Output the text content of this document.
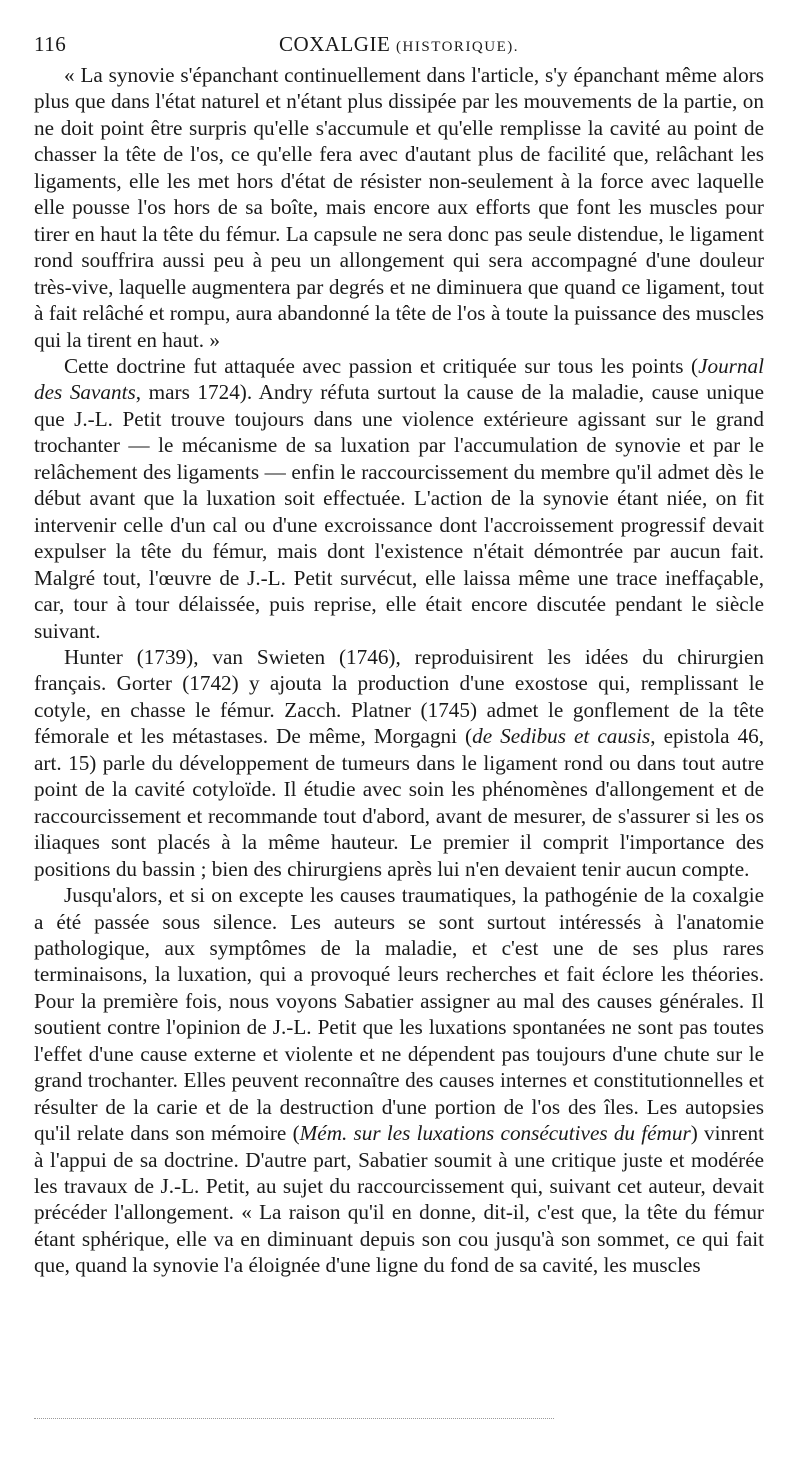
116	COXALGIE (HISTORIQUE).

« La synovie s'épanchant continuellement dans l'article, s'y épanchant même alors plus que dans l'état naturel et n'étant plus dissipée par les mouvements de la partie, on ne doit point être surpris qu'elle s'accumule et qu'elle remplisse la cavité au point de chasser la tête de l'os, ce qu'elle fera avec d'autant plus de facilité que, relâchant les ligaments, elle les met hors d'état de résister non-seulement à la force avec laquelle elle pousse l'os hors de sa boîte, mais encore aux efforts que font les muscles pour tirer en haut la tête du fémur. La capsule ne sera donc pas seule distendue, le ligament rond souffrira aussi peu à peu un allongement qui sera accompagné d'une douleur très-vive, laquelle augmentera par degrés et ne diminuera que quand ce ligament, tout à fait relâché et rompu, aura abandonné la tête de l'os à toute la puissance des muscles qui la tirent en haut. »

Cette doctrine fut attaquée avec passion et critiquée sur tous les points (Journal des Savants, mars 1724). Andry réfuta surtout la cause de la maladie, cause unique que J.-L. Petit trouve toujours dans une violence extérieure agissant sur le grand trochanter — le mécanisme de sa luxation par l'accumulation de synovie et par le relâchement des ligaments — enfin le raccourcissement du membre qu'il admet dès le début avant que la luxation soit effectuée. L'action de la synovie étant niée, on fit intervenir celle d'un cal ou d'une excroissance dont l'accroissement progressif devait expulser la tête du fémur, mais dont l'existence n'était démontrée par aucun fait. Malgré tout, l'œuvre de J.-L. Petit survécut, elle laissa même une trace ineffaçable, car, tour à tour délaissée, puis reprise, elle était encore discutée pendant le siècle suivant.

Hunter (1739), van Swieten (1746), reproduisirent les idées du chirurgien français. Gorter (1742) y ajouta la production d'une exostose qui, remplissant le cotyle, en chasse le fémur. Zacch. Platner (1745) admet le gonflement de la tête fémorale et les métastases. De même, Morgagni (de Sedibus et causis, epistola 46, art. 15) parle du développement de tumeurs dans le ligament rond ou dans tout autre point de la cavité cotyloïde. Il étudie avec soin les phénomènes d'allongement et de raccourcissement et recommande tout d'abord, avant de mesurer, de s'assurer si les os iliaques sont placés à la même hauteur. Le premier il comprit l'importance des positions du bassin ; bien des chirurgiens après lui n'en devaient tenir aucun compte.

Jusqu'alors, et si on excepte les causes traumatiques, la pathogénie de la coxalgie a été passée sous silence. Les auteurs se sont surtout intéressés à l'anatomie pathologique, aux symptômes de la maladie, et c'est une de ses plus rares terminaisons, la luxation, qui a provoqué leurs recherches et fait éclore les théories. Pour la première fois, nous voyons Sabatier assigner au mal des causes générales. Il soutient contre l'opinion de J.-L. Petit que les luxations spontanées ne sont pas toutes l'effet d'une cause externe et violente et ne dépendent pas toujours d'une chute sur le grand trochanter. Elles peuvent reconnaître des causes internes et constitutionnelles et résulter de la carie et de la destruction d'une portion de l'os des îles. Les autopsies qu'il relate dans son mémoire (Mém. sur les luxations consécutives du fémur) vinrent à l'appui de sa doctrine. D'autre part, Sabatier soumit à une critique juste et modérée les travaux de J.-L. Petit, au sujet du raccourcissement qui, suivant cet auteur, devait précéder l'allongement. « La raison qu'il en donne, dit-il, c'est que, la tête du fémur étant sphérique, elle va en diminuant depuis son cou jusqu'à son sommet, ce qui fait que, quand la synovie l'a éloignée d'une ligne du fond de sa cavité, les muscles
